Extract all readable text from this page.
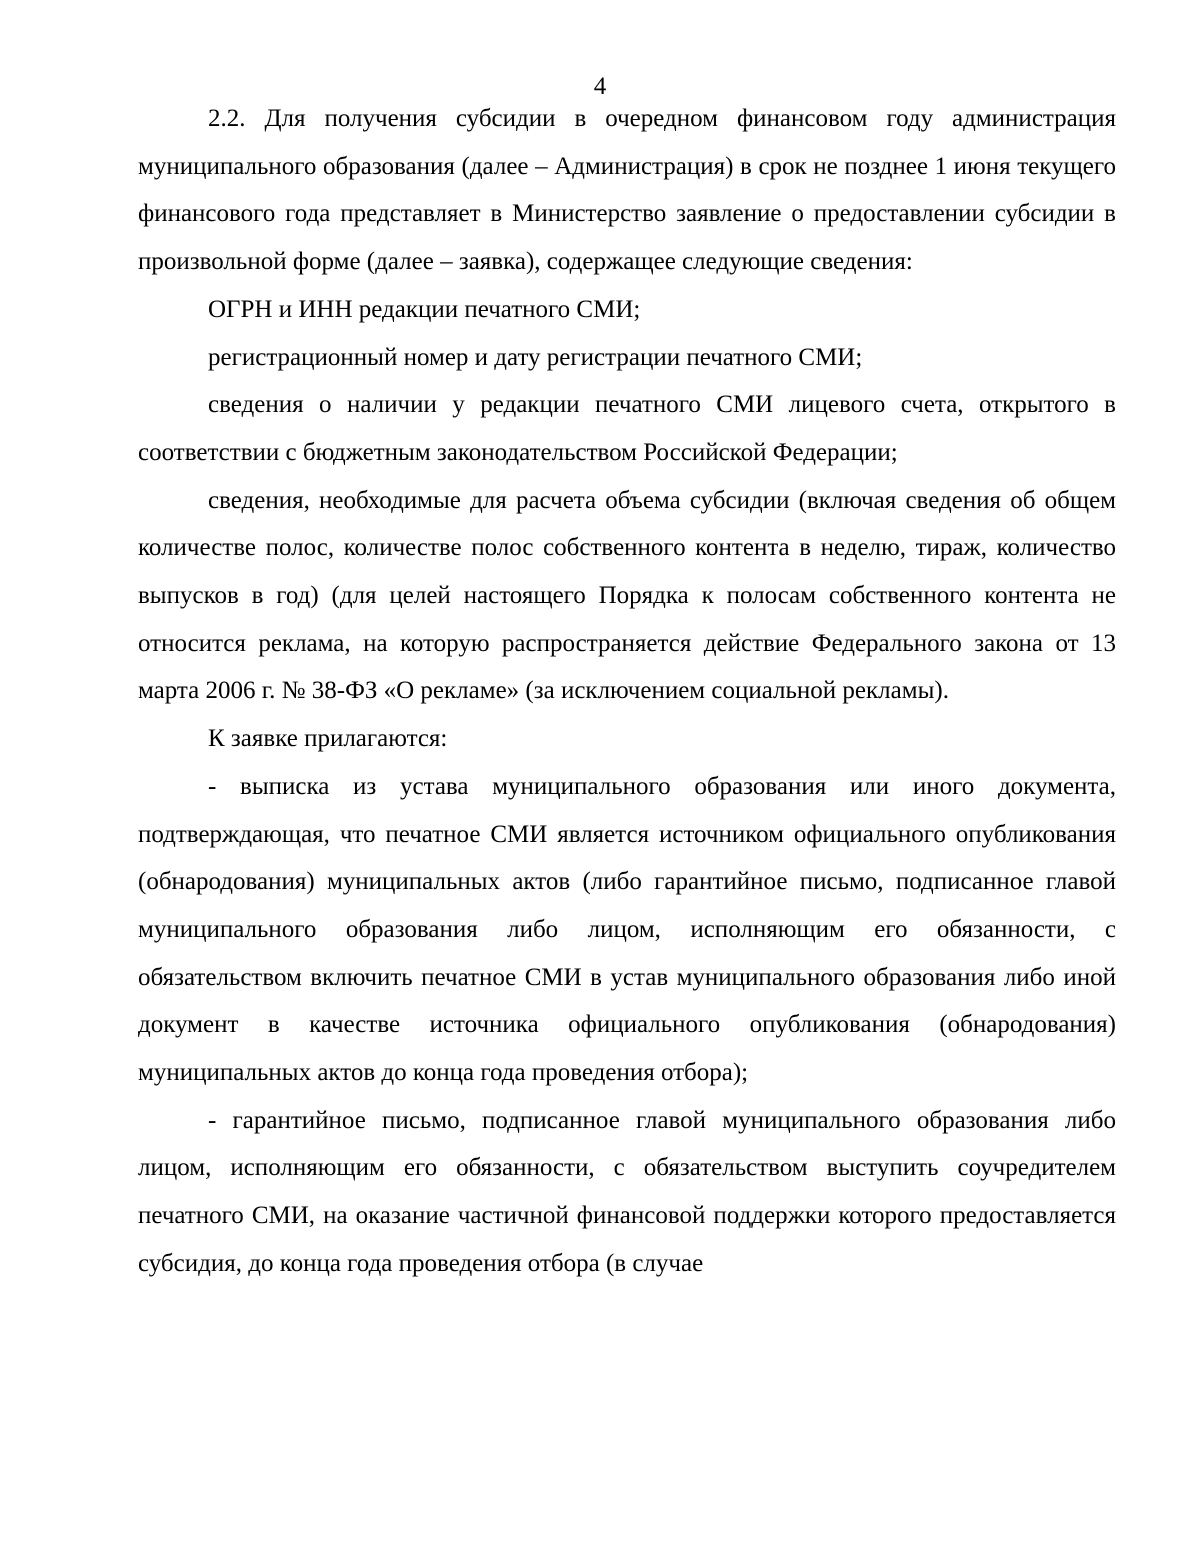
4

2.2. Для получения субсидии в очередном финансовом году администрация муниципального образования (далее – Администрация) в срок не позднее 1 июня текущего финансового года представляет в Министерство заявление о предоставлении субсидии в произвольной форме (далее – заявка), содержащее следующие сведения:

ОГРН и ИНН редакции печатного СМИ;

регистрационный номер и дату регистрации печатного СМИ;

сведения о наличии у редакции печатного СМИ лицевого счета, открытого в соответствии с бюджетным законодательством Российской Федерации;

сведения, необходимые для расчета объема субсидии (включая сведения об общем количестве полос, количестве полос собственного контента в неделю, тираж, количество выпусков в год) (для целей настоящего Порядка к полосам собственного контента не относится реклама, на которую распространяется действие Федерального закона от 13 марта 2006 г. № 38-ФЗ «О рекламе» (за исключением социальной рекламы).

К заявке прилагаются:

- выписка из устава муниципального образования или иного документа, подтверждающая, что печатное СМИ является источником официального опубликования (обнародования) муниципальных актов (либо гарантийное письмо, подписанное главой муниципального образования либо лицом, исполняющим его обязанности, с обязательством включить печатное СМИ в устав муниципального образования либо иной документ в качестве источника официального опубликования (обнародования) муниципальных актов до конца года проведения отбора);

- гарантийное письмо, подписанное главой муниципального образования либо лицом, исполняющим его обязанности, с обязательством выступить соучредителем печатного СМИ, на оказание частичной финансовой поддержки которого предоставляется субсидия, до конца года проведения отбора (в случае
